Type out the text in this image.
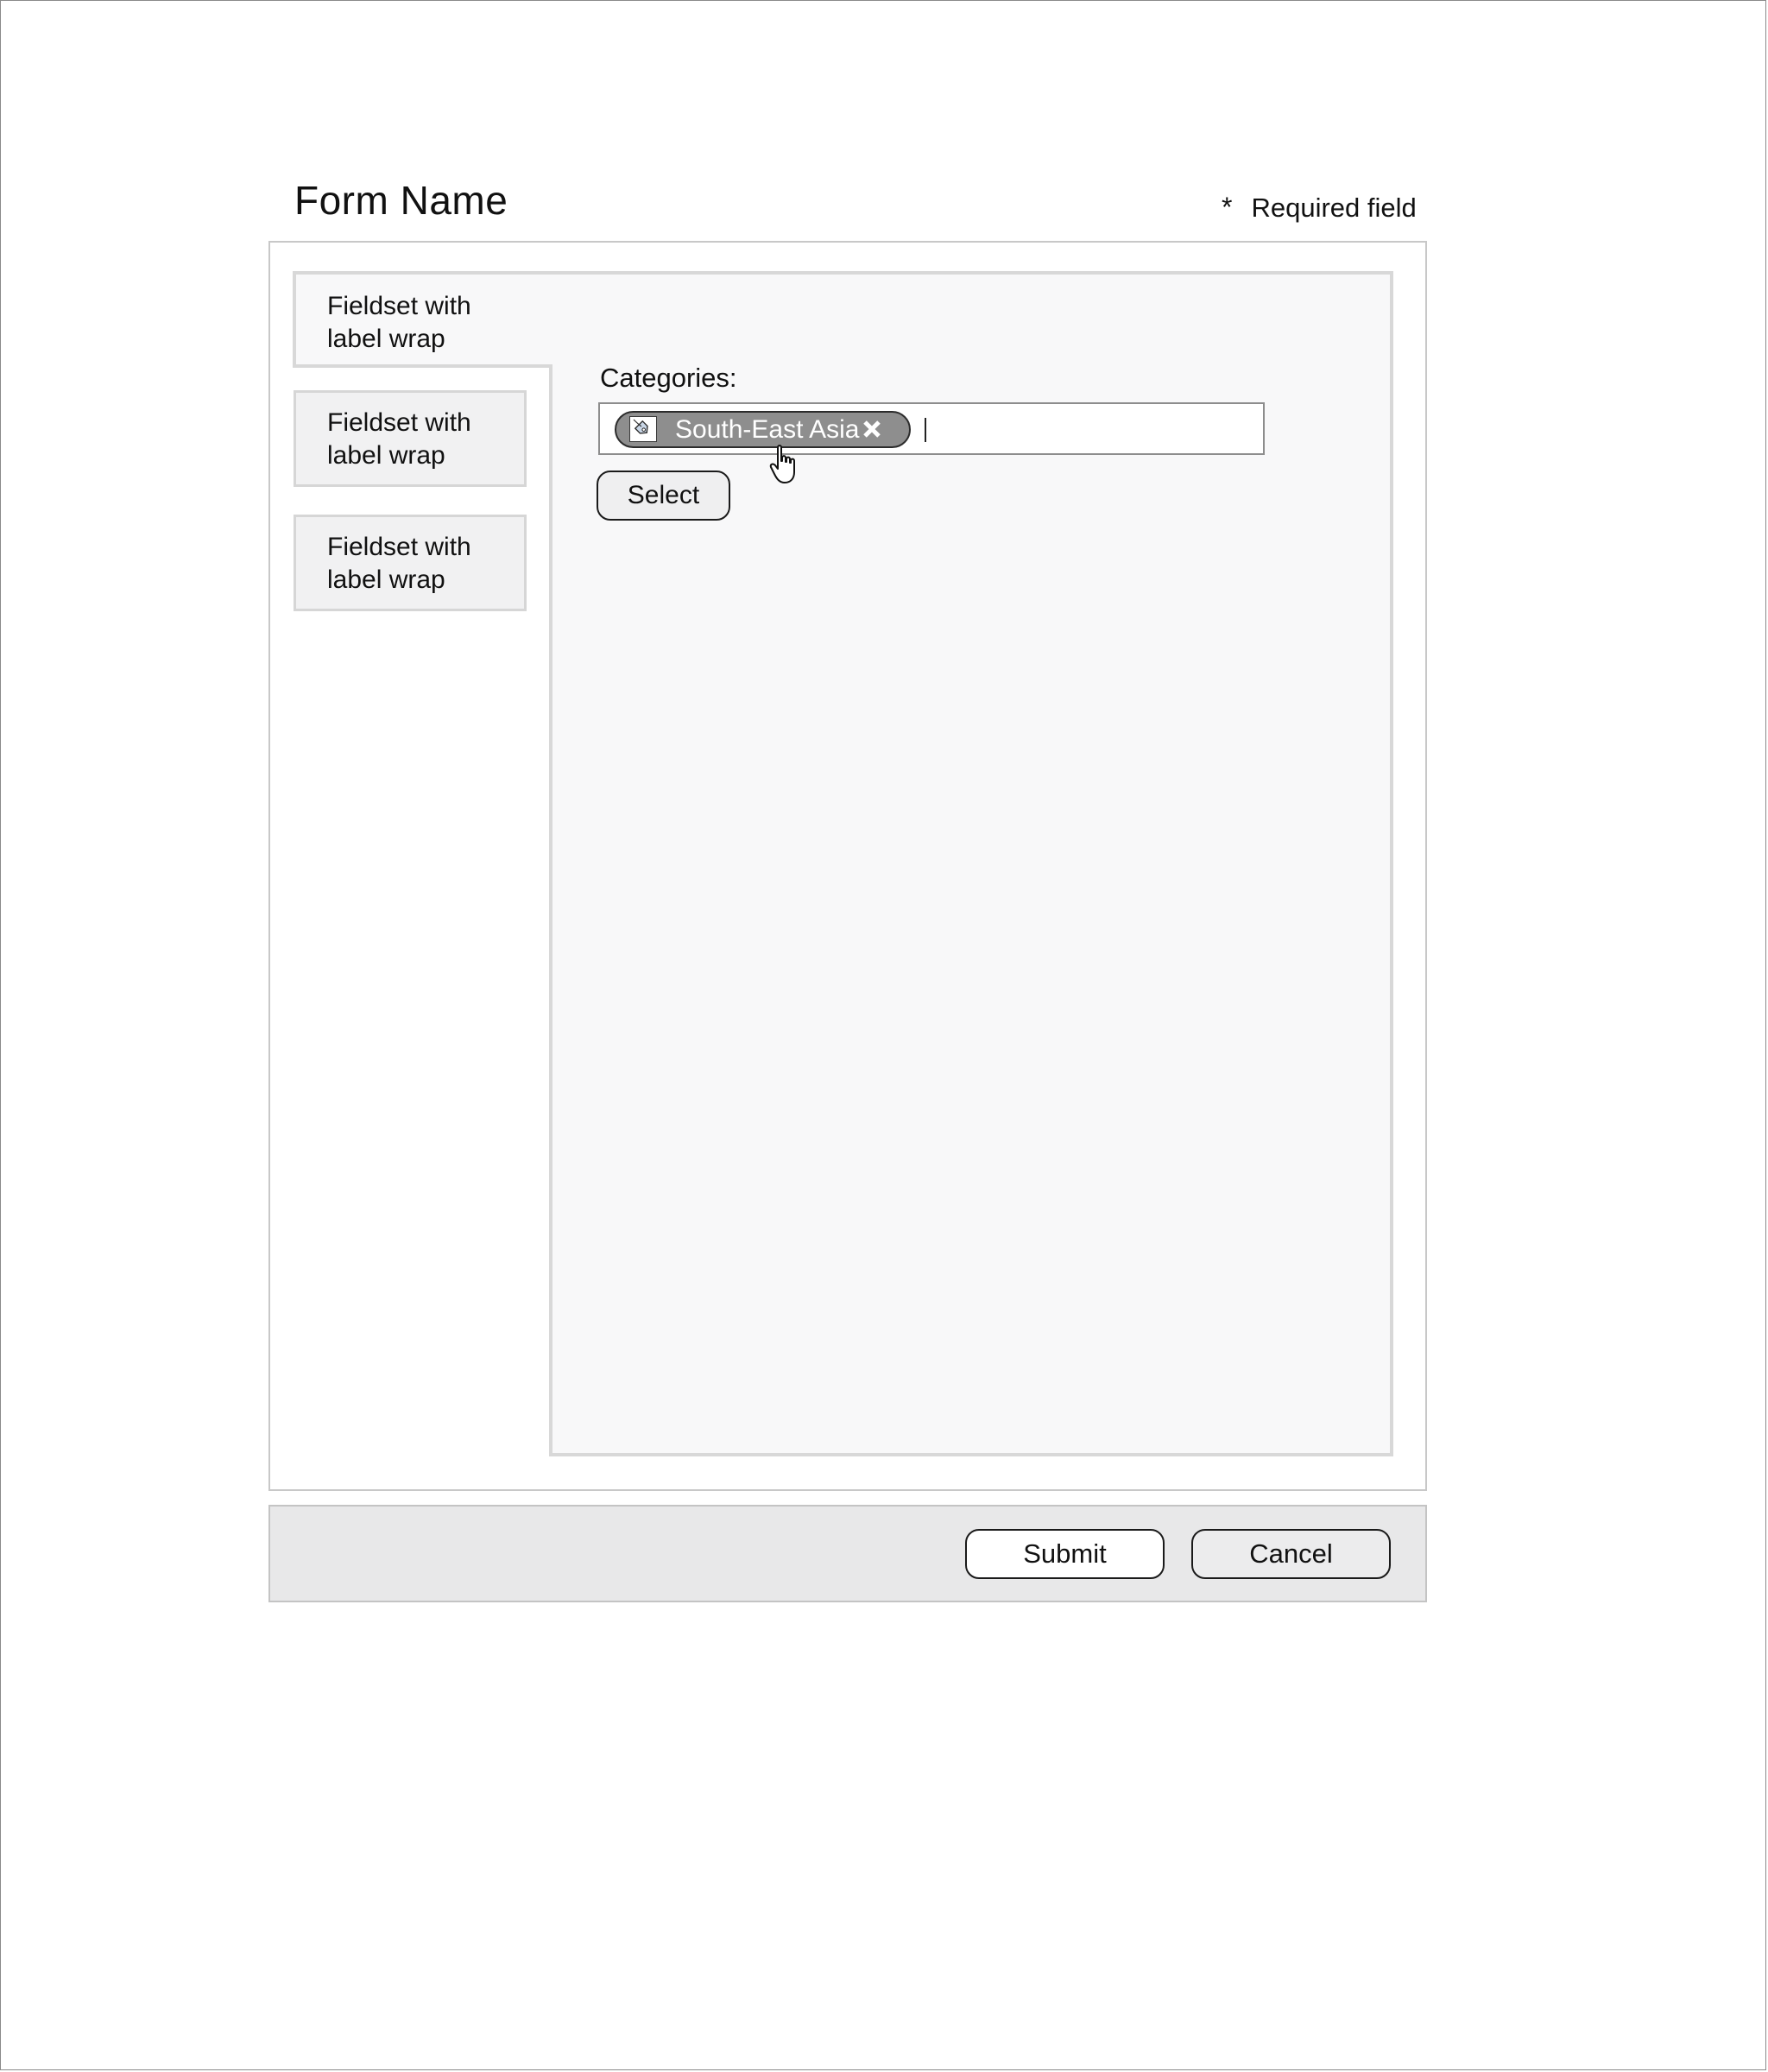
Form Name	* Required field
Fieldset with label wrap
Fieldset with label wrap
Fieldset with label wrap
Categories:
South-East Asia
Select
Submit	Cancel
